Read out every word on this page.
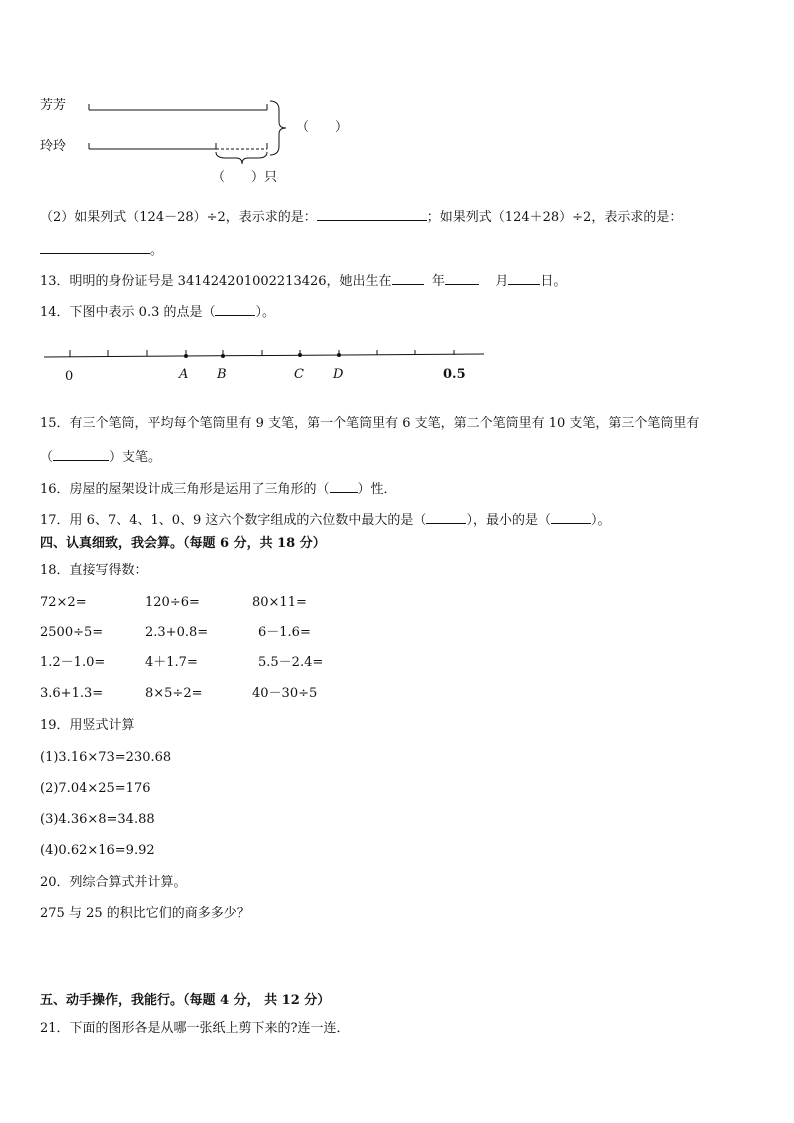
芳芳
玲玲
（　　）
（　　）只
（2）如果列式（124－28）÷2，表示求的是：	；如果列式（124＋28）÷2，表示求的是：
。
13．明明的身份证号是 341424201002213426，她出生在	年	月 日。
14．下图中表示 0.3 的点是（	）。
0	A B	C D	0.5
15．有三个笔筒，平均每个笔筒里有 9 支笔，第一个笔筒里有 6 支笔，第二个笔筒里有 10 支笔，第三个笔筒里有
（	）支笔。
16．房屋的屋架设计成三角形是运用了三角形的（ ）性．
17．用 6、7、4、1、0、9 这六个数字组成的六位数中最大的是（	），最小的是（	）。
四、认真细致，我会算。（每题 6 分，共 18 分）
18．直接写得数：
72×2=	120÷6=	80×11=
2500÷5=	2.3+0.8=	6－1.6=
1.2－1.0=	4＋1.7=	5.5－2.4=
3.6+1.3=	8×5÷2=	40－30÷5
19．用竖式计算
(1)3.16×73=230.68
(2)7.04×25=176
(3)4.36×8=34.88
(4)0.62×16=9.92
20．列综合算式并计算。
275 与 25 的积比它们的商多多少？
五、动手操作，我能行。（每题 4 分， 共 12 分）
21．下面的图形各是从哪一张纸上剪下来的?连一连．
